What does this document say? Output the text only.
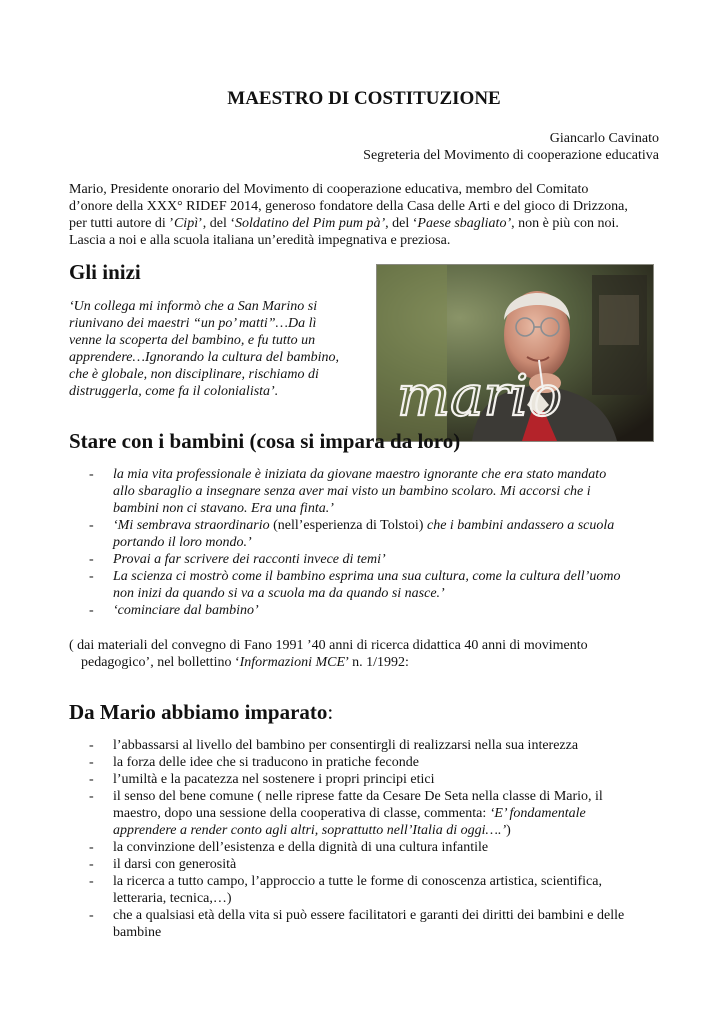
MAESTRO DI COSTITUZIONE
Giancarlo Cavinato
Segreteria del Movimento di cooperazione educativa

Mario, Presidente onorario del Movimento di cooperazione educativa, membro del Comitato

d’onore della XXX° RIDEF 2014, generoso fondatore della Casa delle Arti e del gioco di Drizzona,

per tutti autore di ’Cipì’, del ‘Soldatino del Pim pum pà’, del ‘Paese sbagliato’, non è più con noi.

Lascia a noi e alla scuola italiana un’eredità impegnativa e preziosa.

Gli inizi
‘Un collega mi informò che a San Marino si
riunivano dei maestri “un po’ matti”…Da lì
venne la scoperta del bambino, e fu tutto un
apprendere…Ignorando la cultura del bambino,
che è globale, non disciplinare, rischiamo di
distruggerla, come fa il colonialista’.	mario
Stare con i bambini (cosa si impara da loro)
- la mia vita professionale è iniziata da giovane maestro ignorante che era stato mandato
allo sbaraglio a insegnare senza aver mai visto un bambino scolaro. Mi accorsi che i
bambini non ci stavano. Era una finta.’
- ‘Mi sembrava straordinario (nell’esperienza di Tolstoi) che i bambini andassero a scuola
portando il loro mondo.’
- Provai a far scrivere dei racconti invece di temi’
- La scienza ci mostrò come il bambino esprima una sua cultura, come la cultura dell’uomo
non inizi da quando si va a scuola ma da quando si nasce.’
- ‘cominciare dal bambino’
( dai materiali del convegno di Fano 1991 ’40 anni di ricerca didattica 40 anni di movimento
pedagogico’, nel bollettino ‘Informazioni MCE’ n. 1/1992:
Da Mario abbiamo imparato:
- l’abbassarsi al livello del bambino per consentirgli di realizzarsi nella sua interezza
- la forza delle idee che si traducono in pratiche feconde
- l’umiltà e la pacatezza nel sostenere i propri principi etici
- il senso del bene comune ( nelle riprese fatte da Cesare De Seta nella classe di Mario, il
maestro, dopo una sessione della cooperativa di classe, commenta: ‘E’ fondamentale
apprendere a render conto agli altri, soprattutto nell’Italia di oggi….’)
- la convinzione dell’esistenza e della dignità di una cultura infantile
- il darsi con generosità
- la ricerca a tutto campo, l’approccio a tutte le forme di conoscenza artistica, scientifica,
letteraria, tecnica,…)
- che a qualsiasi età della vita si può essere facilitatori e garanti dei diritti dei bambini e delle
bambine
